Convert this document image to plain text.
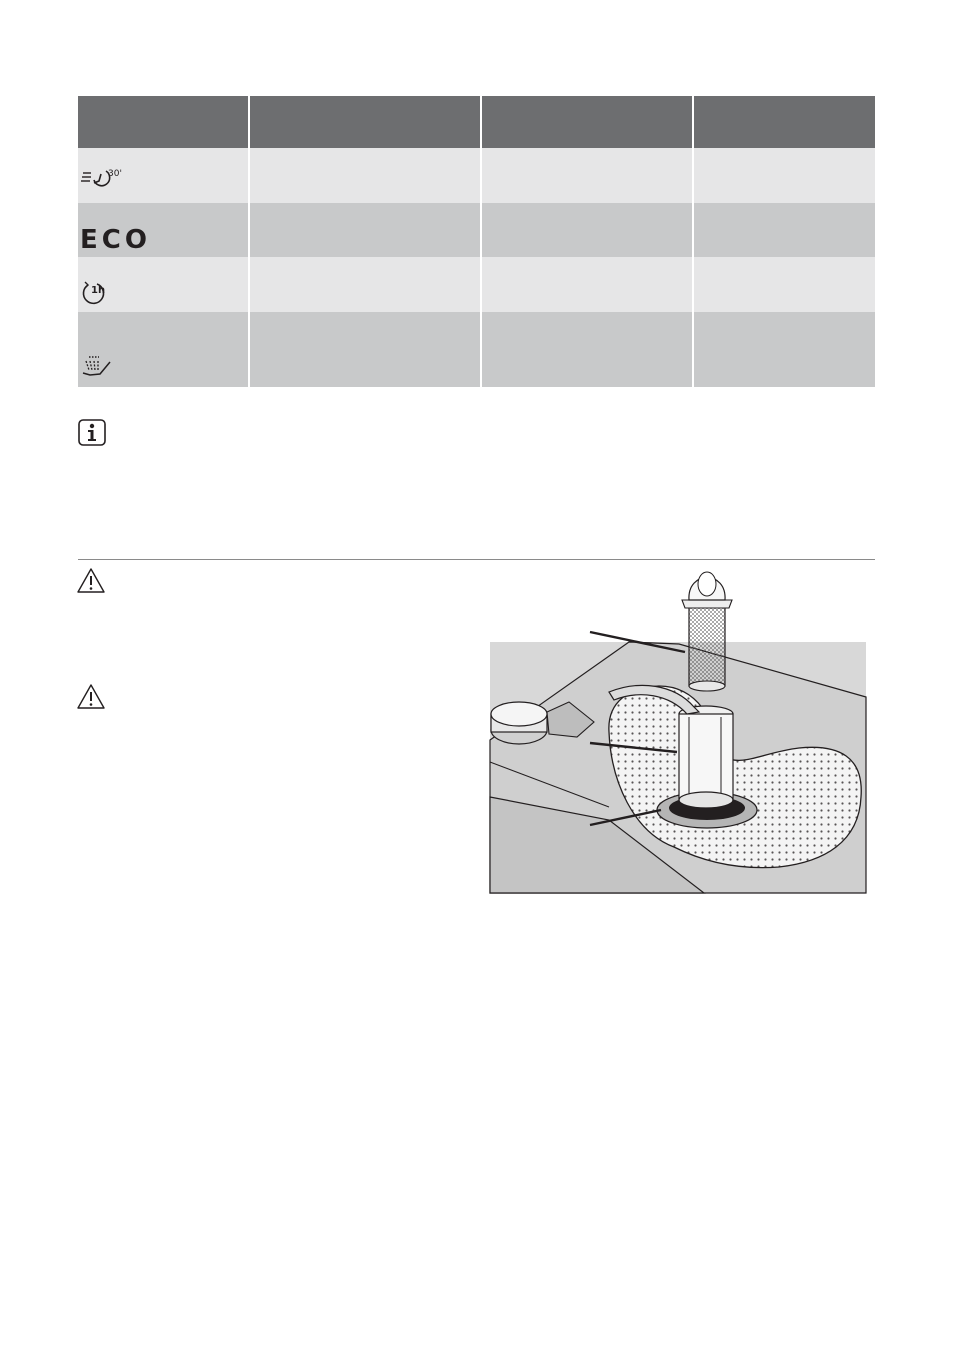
30'
ECO
1h
